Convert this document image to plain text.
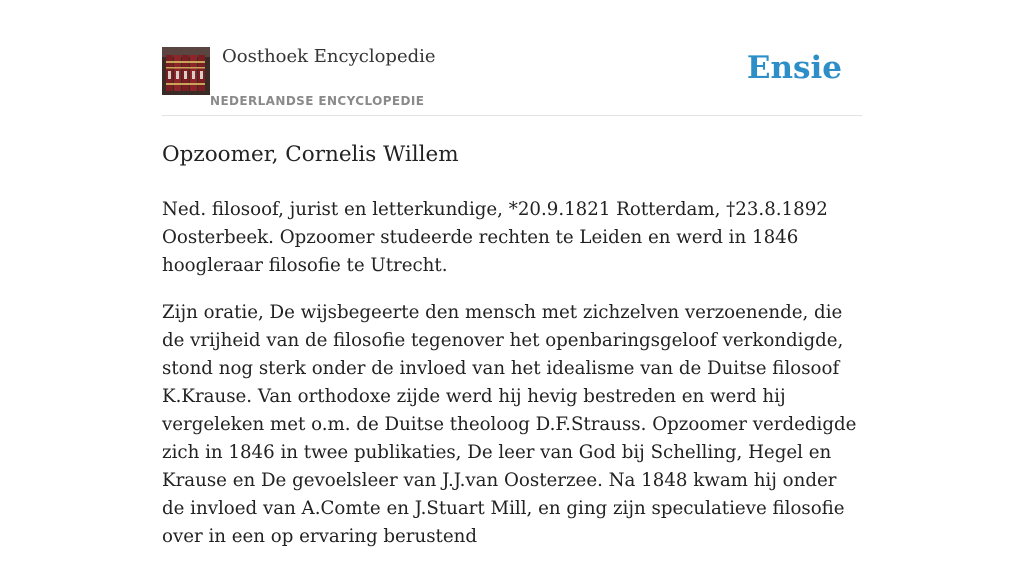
Oosthoek Encyclopedie
NEDERLANDSE ENCYCLOPEDIE
Ensie
Opzoomer, Cornelis Willem

Ned. filosoof, jurist en letterkundige, *20.9.1821 Rotterdam, †23.8.1892 Oosterbeek. Opzoomer studeerde rechten te Leiden en werd in 1846 hoogleraar filosofie te Utrecht.

Zijn oratie, De wijsbegeerte den mensch met zichzelven verzoenende, die de vrijheid van de filosofie tegenover het openbaringsgeloof verkondigde, stond nog sterk onder de invloed van het idealisme van de Duitse filosoof K.Krause. Van orthodoxe zijde werd hij hevig bestreden en werd hij vergeleken met o.m. de Duitse theoloog D.F.Strauss. Opzoomer verdedigde zich in 1846 in twee publikaties, De leer van God bij Schelling, Hegel en Krause en De gevoelsleer van J.J.van Oosterzee. Na 1848 kwam hij onder de invloed van A.Comte en J.Stuart Mill, en ging zijn speculatieve filosofie over in een op ervaring berustend
